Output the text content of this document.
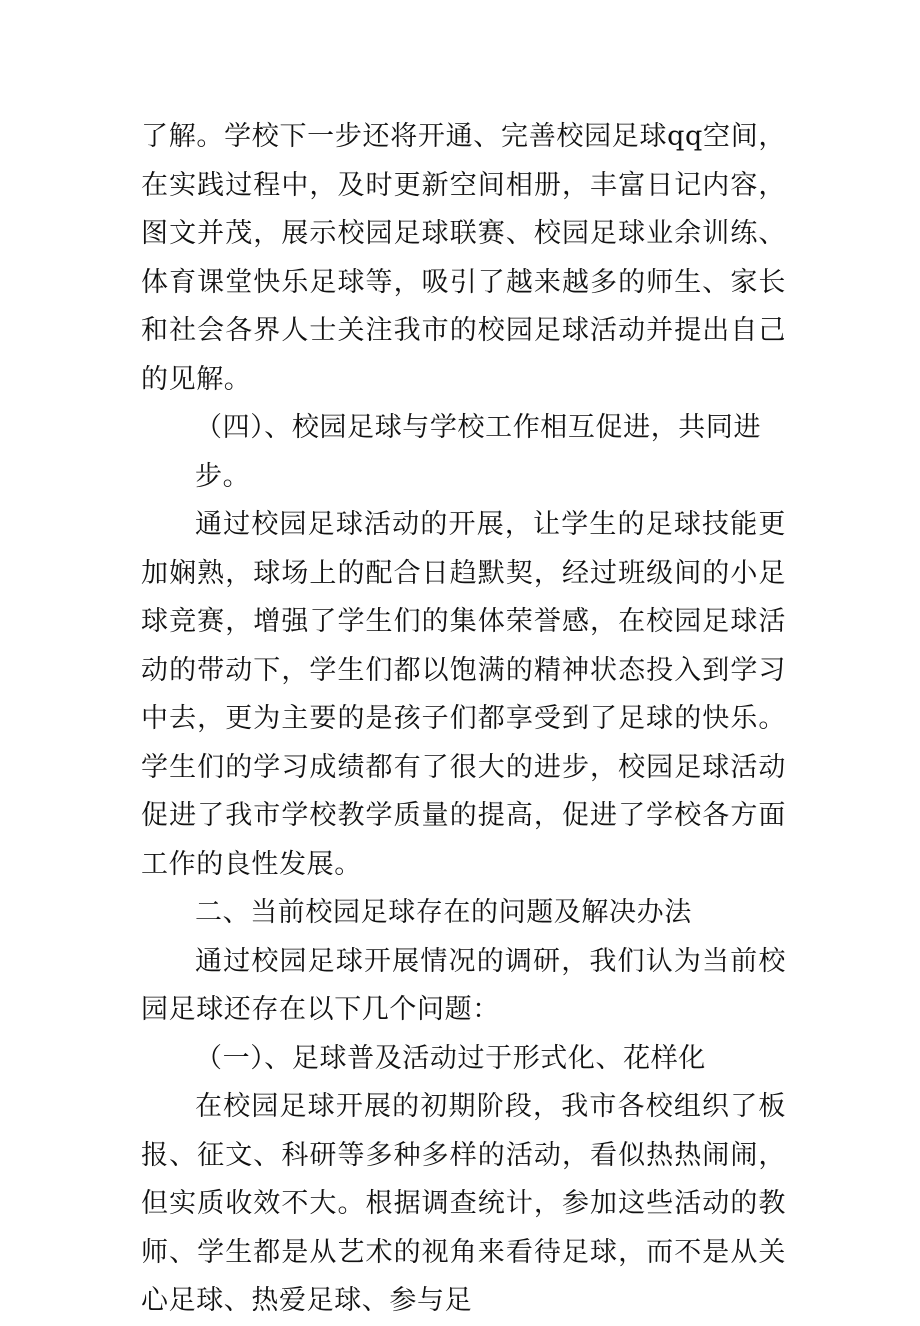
了解。学校下一步还将开通、完善校园足球qq空间，在实践过程中，及时更新空间相册，丰富日记内容，图文并茂，展示校园足球联赛、校园足球业余训练、体育课堂快乐足球等，吸引了越来越多的师生、家长和社会各界人士关注我市的校园足球活动并提出自己的见解。

（四）、校园足球与学校工作相互促进，共同进步。

通过校园足球活动的开展，让学生的足球技能更加娴熟，球场上的配合日趋默契，经过班级间的小足球竞赛，增强了学生们的集体荣誉感，在校园足球活动的带动下，学生们都以饱满的精神状态投入到学习中去，更为主要的是孩子们都享受到了足球的快乐。学生们的学习成绩都有了很大的进步，校园足球活动促进了我市学校教学质量的提高，促进了学校各方面工作的良性发展。

二、当前校园足球存在的问题及解决办法

通过校园足球开展情况的调研，我们认为当前校园足球还存在以下几个问题：

（一）、足球普及活动过于形式化、花样化

在校园足球开展的初期阶段，我市各校组织了板报、征文、科研等多种多样的活动，看似热热闹闹，但实质收效不大。根据调查统计，参加这些活动的教师、学生都是从艺术的视角来看待足球，而不是从关心足球、热爱足球、参与足
